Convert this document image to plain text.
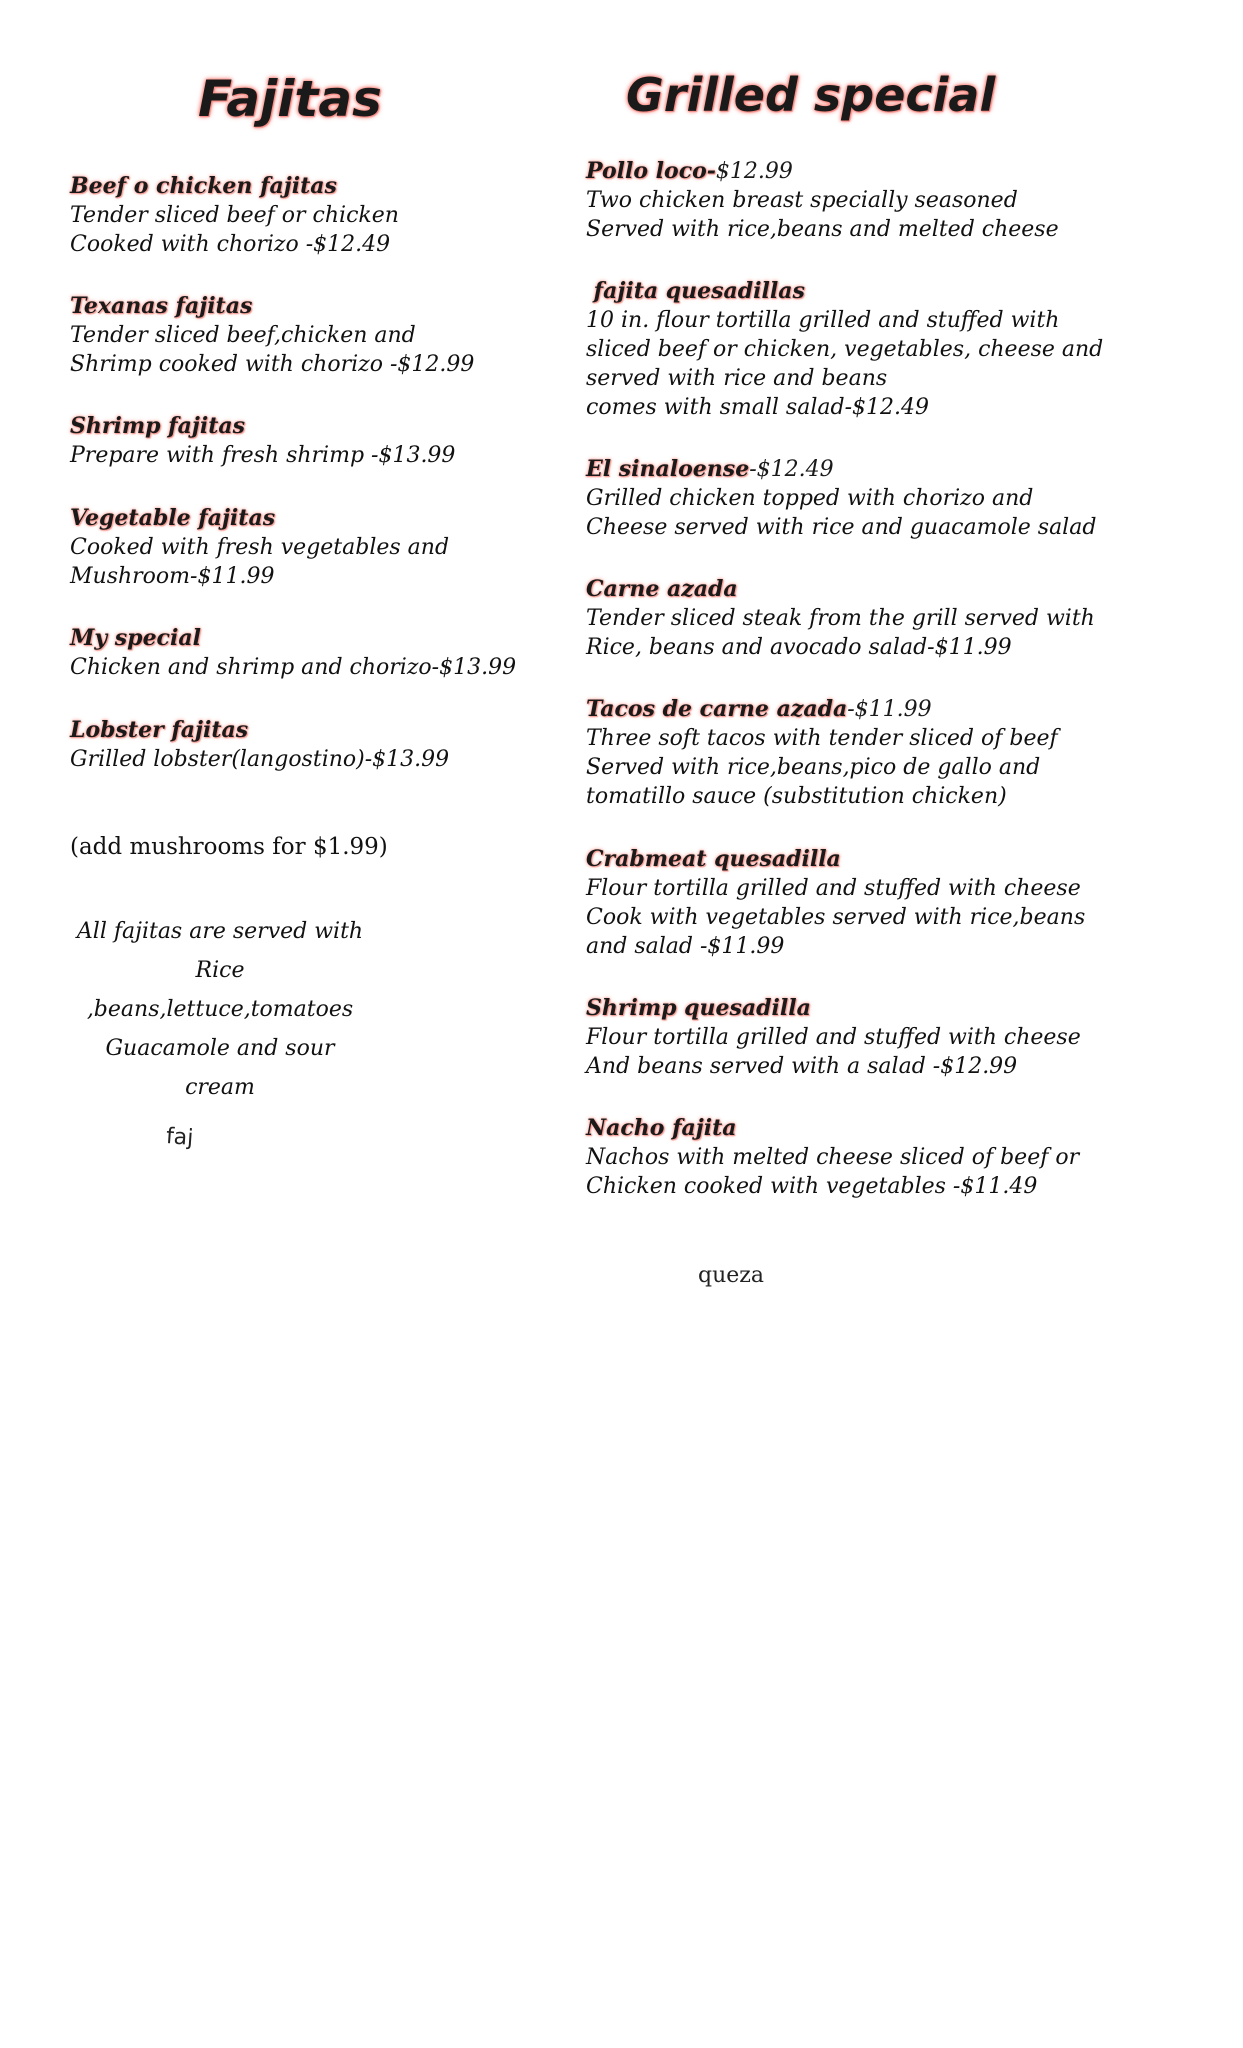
Fajitas
Beef o chicken fajitas
Tender sliced beef or chicken
Cooked with chorizo -$12.49
Texanas fajitas
Tender sliced beef,chicken and
Shrimp cooked with chorizo -$12.99
Shrimp fajitas
Prepare with fresh shrimp -$13.99
Vegetable fajitas
Cooked with fresh vegetables and
Mushroom-$11.99
My special
Chicken and shrimp and chorizo-$13.99
Lobster fajitas
Grilled lobster(langostino)-$13.99
(add mushrooms for $1.99)
All fajitas are served with
Rice ,beans,lettuce,tomatoes
Guacamole and sour cream
faj
Grilled special
Pollo loco-$12.99
Two chicken breast specially seasoned
Served with rice,beans and melted cheese
fajita quesadillas
10 in. flour tortilla grilled and stuffed with
sliced beef or chicken, vegetables, cheese and
served with rice and beans
comes with small salad-$12.49
El sinaloense-$12.49
Grilled chicken topped with chorizo and
Cheese served with rice and guacamole salad
Carne azada
Tender sliced steak from the grill served with
Rice, beans and avocado salad-$11.99
Tacos de carne azada-$11.99
Three soft tacos with tender sliced of beef
Served with rice,beans,pico de gallo and
tomatillo sauce (substitution chicken)
Crabmeat quesadilla
Flour tortilla grilled and stuffed with cheese
Cook with vegetables served with rice,beans
and salad -$11.99
Shrimp quesadilla
Flour tortilla grilled and stuffed with cheese
And beans served with a salad -$12.99
Nacho fajita
Nachos with melted cheese sliced of beef or
Chicken cooked with vegetables -$11.49
queza
